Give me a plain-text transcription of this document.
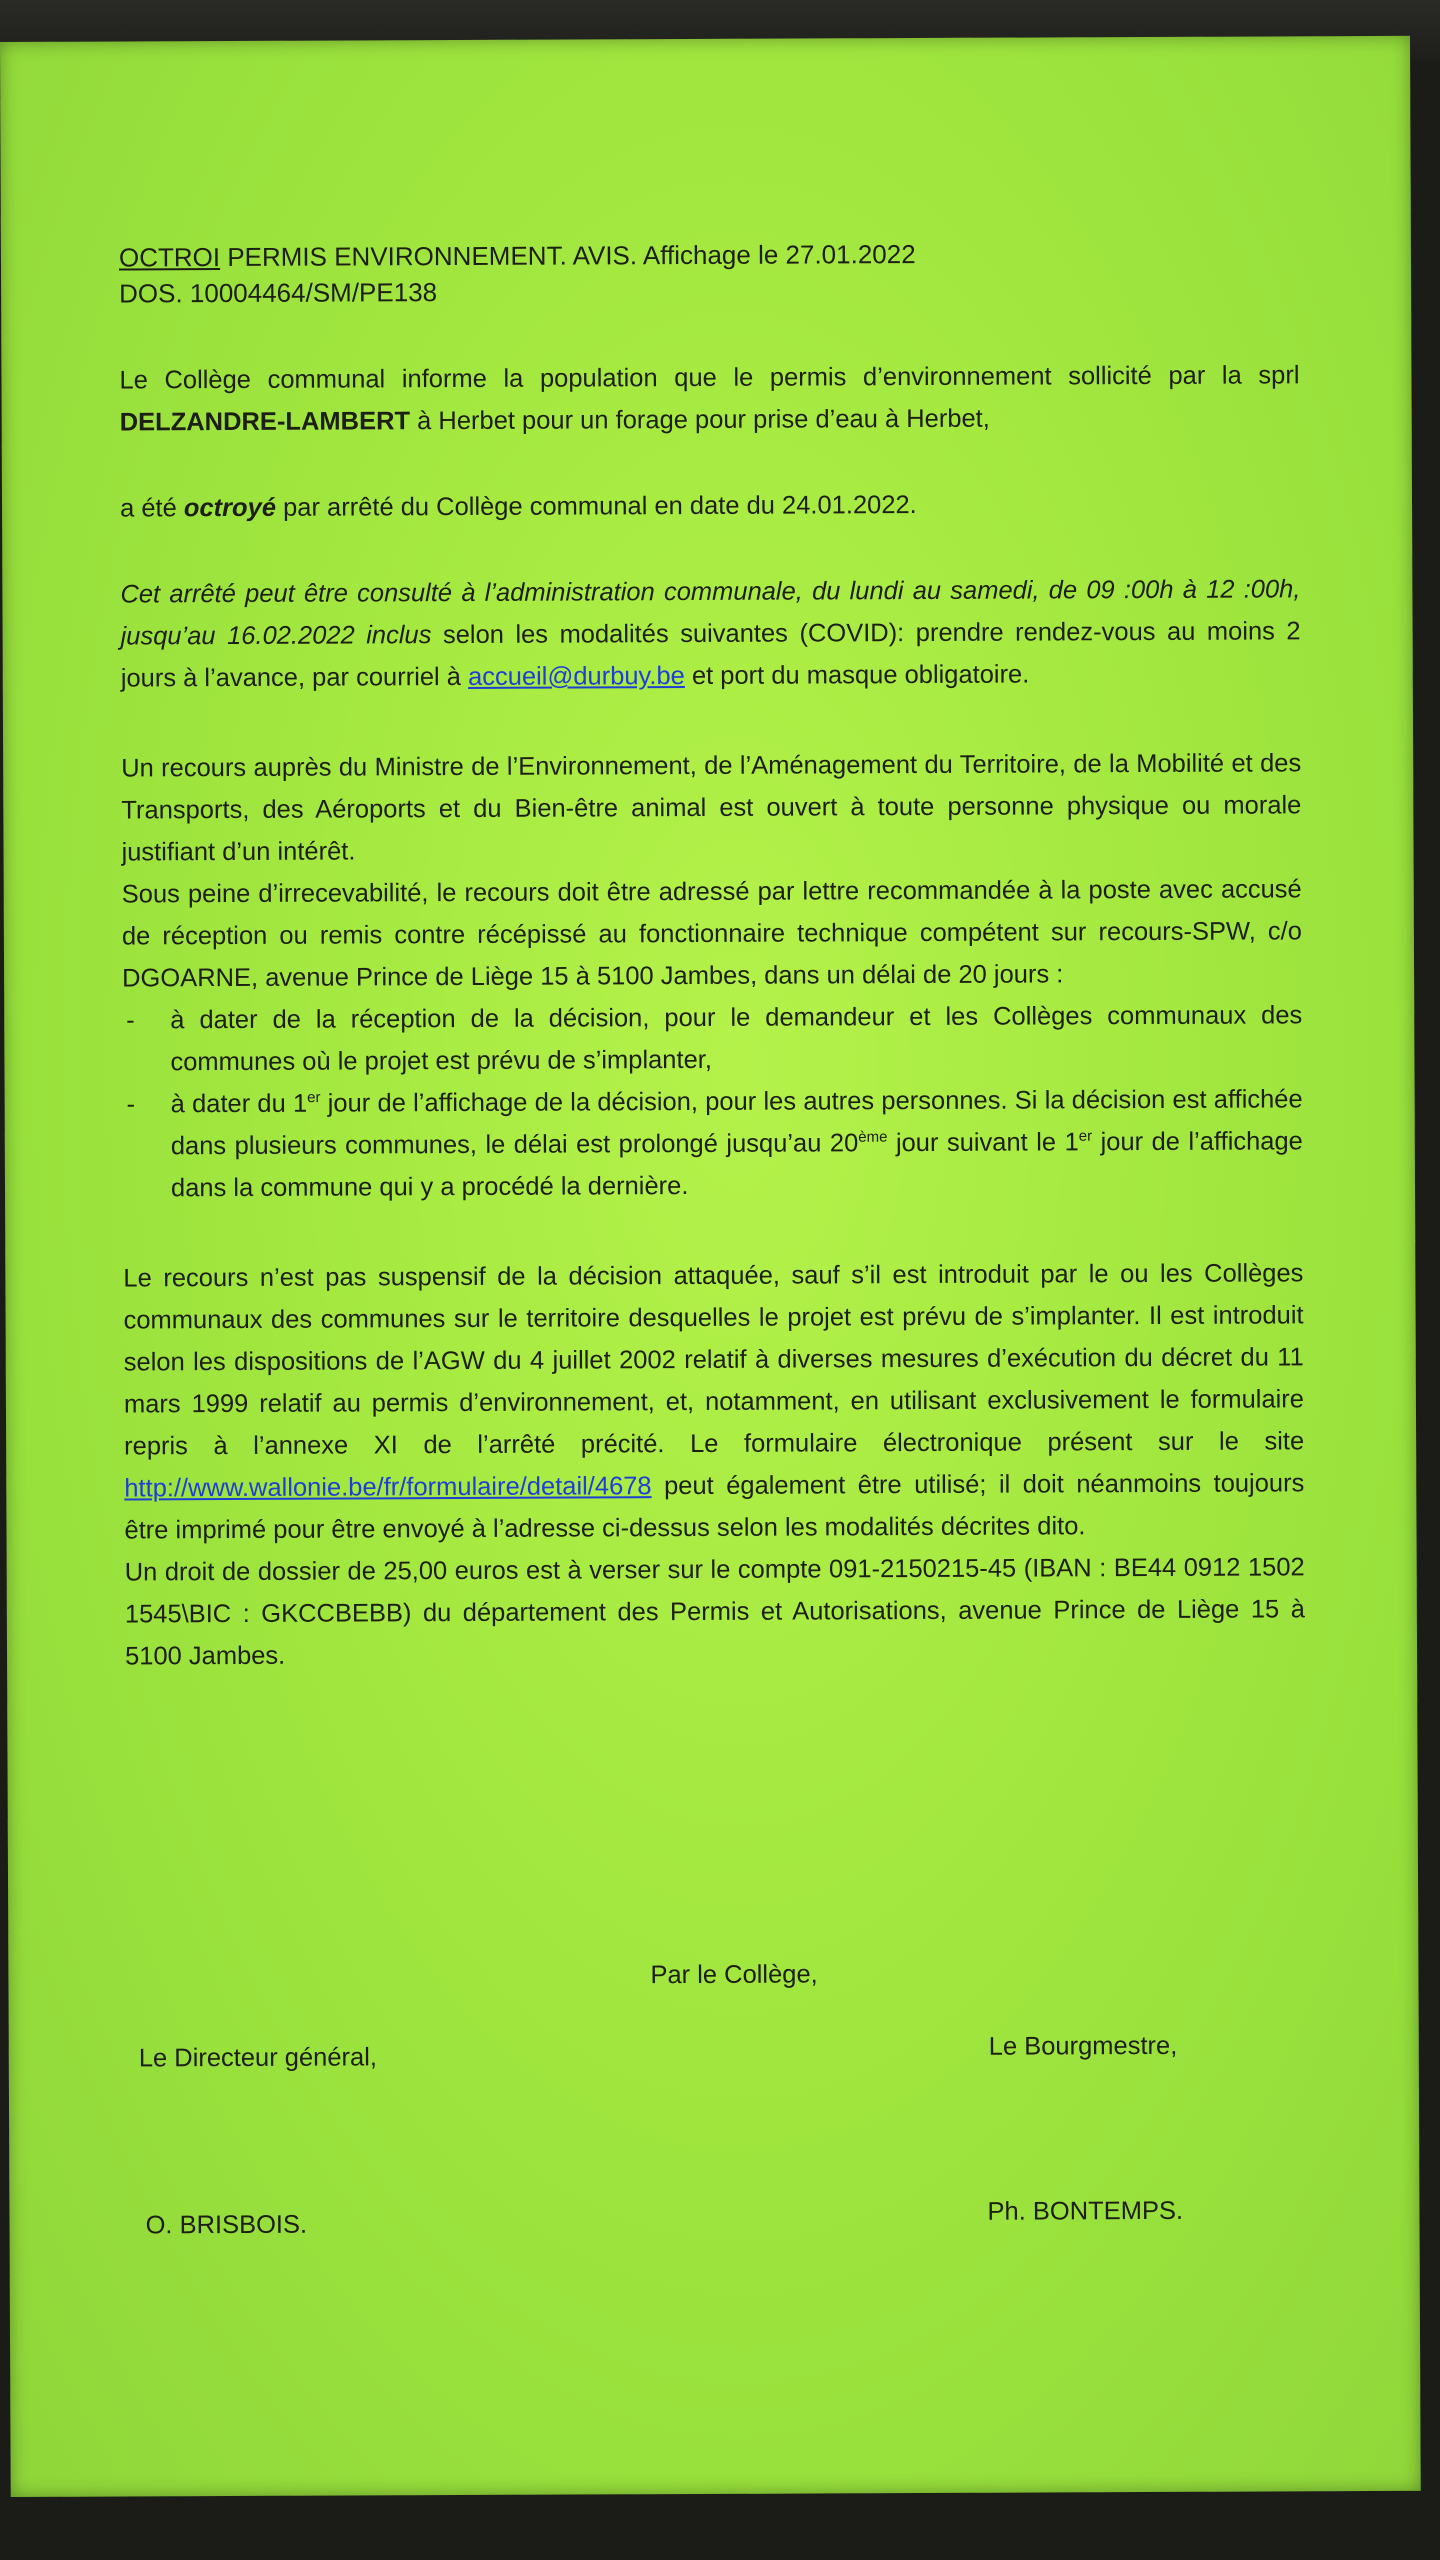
OCTROI PERMIS ENVIRONNEMENT. AVIS. Affichage le 27.01.2022
DOS. 10004464/SM/PE138

Le Collège communal informe la population que le permis d’environnement sollicité par la sprl DELZANDRE-LAMBERT à Herbet pour un forage pour prise d’eau à Herbet,

a été octroyé par arrêté du Collège communal en date du 24.01.2022.

Cet arrêté peut être consulté à l’administration communale, du lundi au samedi, de 09 :00h à 12 :00h, jusqu’au 16.02.2022 inclus selon les modalités suivantes (COVID): prendre rendez-vous au moins 2 jours à l’avance, par courriel à accueil@durbuy.be et port du masque obligatoire.

Un recours auprès du Ministre de l’Environnement, de l’Aménagement du Territoire, de la Mobilité et des Transports, des Aéroports et du Bien-être animal est ouvert à toute personne physique ou morale justifiant d’un intérêt.

Sous peine d’irrecevabilité, le recours doit être adressé par lettre recommandée à la poste avec accusé de réception ou remis contre récépissé au fonctionnaire technique compétent sur recours-SPW, c/o DGOARNE, avenue Prince de Liège 15 à 5100 Jambes, dans un délai de 20 jours :

- à dater de la réception de la décision, pour le demandeur et les Collèges communaux des communes où le projet est prévu de s’implanter,
- à dater du 1er jour de l’affichage de la décision, pour les autres personnes. Si la décision est affichée dans plusieurs communes, le délai est prolongé jusqu’au 20ème jour suivant le 1er jour de l’affichage dans la commune qui y a procédé la dernière.

Le recours n’est pas suspensif de la décision attaquée, sauf s’il est introduit par le ou les Collèges communaux des communes sur le territoire desquelles le projet est prévu de s’implanter. Il est introduit selon les dispositions de l’AGW du 4 juillet 2002 relatif à diverses mesures d’exécution du décret du 11 mars 1999 relatif au permis d’environnement, et, notamment, en utilisant exclusivement le formulaire repris à l’annexe XI de l’arrêté précité. Le formulaire électronique présent sur le site http://www.wallonie.be/fr/formulaire/detail/4678 peut également être utilisé; il doit néanmoins toujours être imprimé pour être envoyé à l’adresse ci-dessus selon les modalités décrites dito.

Un droit de dossier de 25,00 euros est à verser sur le compte 091-2150215-45 (IBAN : BE44 0912 1502 1545\BIC : GKCCBEBB) du département des Permis et Autorisations, avenue Prince de Liège 15 à 5100 Jambes.

Par le Collège,
Le Directeur général,	Le Bourgmestre,
O. BRISBOIS.	Ph. BONTEMPS.
